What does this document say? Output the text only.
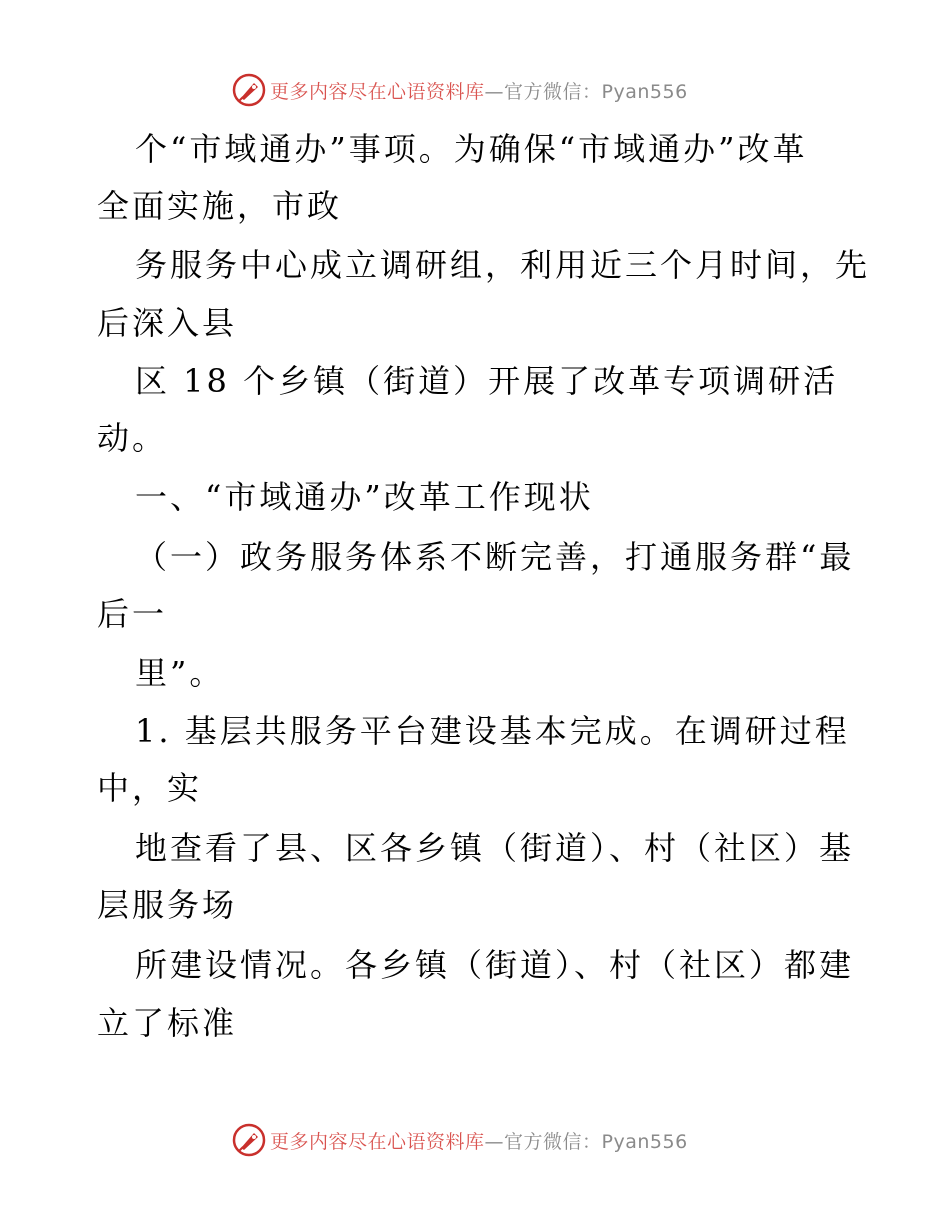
更多内容尽在心语资料库 —官方微信：Pyan556
个“市域通办”事项。为确保“市域通办”改革
全面实施，市政
务服务中心成立调研组，利用近三个月时间，先
后深入县
区 18 个乡镇（街道）开展了改革专项调研活
动。
一、“市域通办”改革工作现状
（一）政务服务体系不断完善，打通服务群“最
后一
里”。
1. 基层共服务平台建设基本完成。在调研过程
中，实
地查看了县、区各乡镇（街道）、村（社区）基
层服务场
所建设情况。各乡镇（街道）、村（社区）都建
立了标准
更多内容尽在心语资料库 —官方微信：Pyan556
